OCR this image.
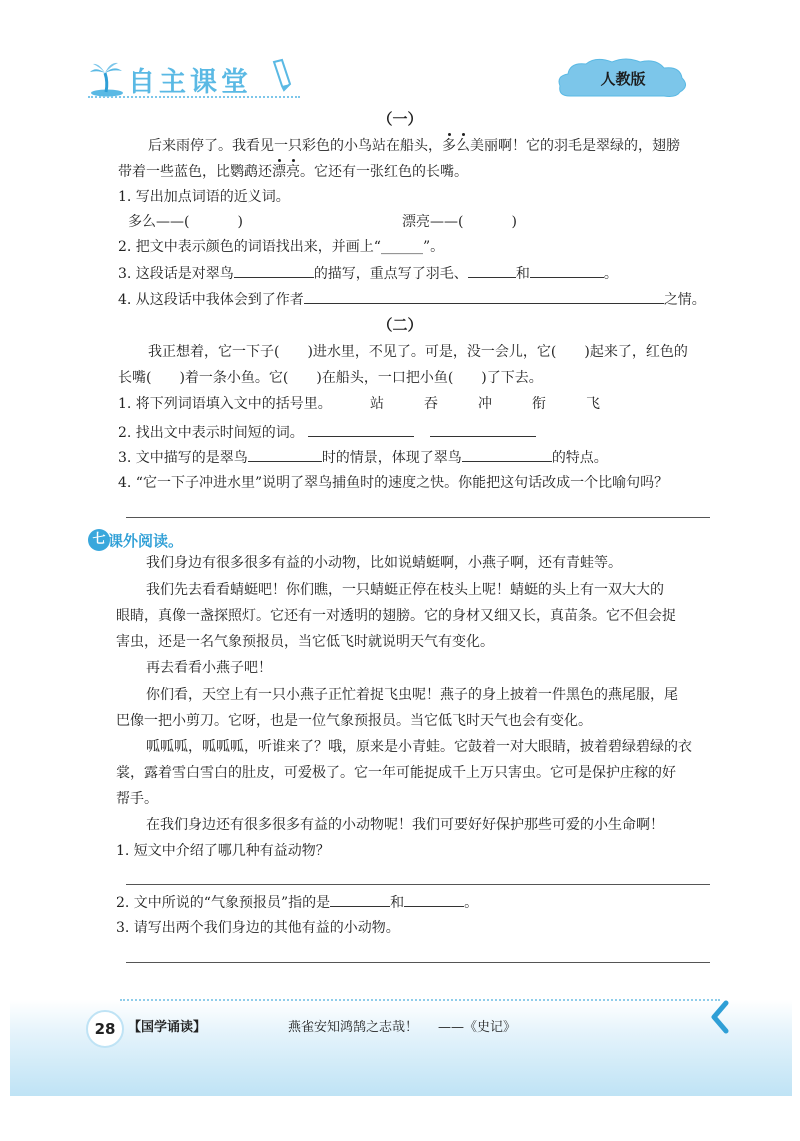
自主课堂	人教版
（一）
后来雨停了。我看见一只彩色的小鸟站在船头，多么美丽啊！它的羽毛是翠绿的，翅膀
带着一些蓝色，比鹦鹉还漂亮。它还有一张红色的长嘴。
1. 写出加点词语的近义词。
多么——(	)	漂亮——(	)
2. 把文中表示颜色的词语找出来，并画上“______”。
3. 这段话是对翠鸟	的描写，重点写了羽毛、	和	。
4. 从这段话中我体会到了作者	之情。
（二）
我正想着，它一下子(　　)进水里，不见了。可是，没一会儿，它(　　)起来了，红色的
长嘴(　　)着一条小鱼。它(　　)在船头，一口把小鱼(　　)了下去。
1. 将下列词语填入文中的括号里。	站	吞	冲	衔	飞
2. 找出文中表示时间短的词。
3. 文中描写的是翠鸟	时的情景，体现了翠鸟	的特点。
4. “它一下子冲进水里”说明了翠鸟捕鱼时的速度之快。你能把这句话改成一个比喻句吗？
七 课外阅读。
我们身边有很多很多有益的小动物，比如说蜻蜓啊，小燕子啊，还有青蛙等。
我们先去看看蜻蜓吧！你们瞧，一只蜻蜓正停在枝头上呢！蜻蜓的头上有一双大大的
眼睛，真像一盏探照灯。它还有一对透明的翅膀。它的身材又细又长，真苗条。它不但会捉
害虫，还是一名气象预报员，当它低飞时就说明天气有变化。
再去看看小燕子吧！
你们看，天空上有一只小燕子正忙着捉飞虫呢！燕子的身上披着一件黑色的燕尾服，尾
巴像一把小剪刀。它呀，也是一位气象预报员。当它低飞时天气也会有变化。
呱呱呱，呱呱呱，听谁来了？哦，原来是小青蛙。它鼓着一对大眼睛，披着碧绿碧绿的衣
裳，露着雪白雪白的肚皮，可爱极了。它一年可能捉成千上万只害虫。它可是保护庄稼的好
帮手。
在我们身边还有很多很多有益的小动物呢！我们可要好好保护那些可爱的小生命啊！
1. 短文中介绍了哪几种有益动物？
2. 文中所说的“气象预报员”指的是	和	。
3. 请写出两个我们身边的其他有益的小动物。
28 【国学诵读】	燕雀安知鸿鹄之志哉！ ——《史记》
